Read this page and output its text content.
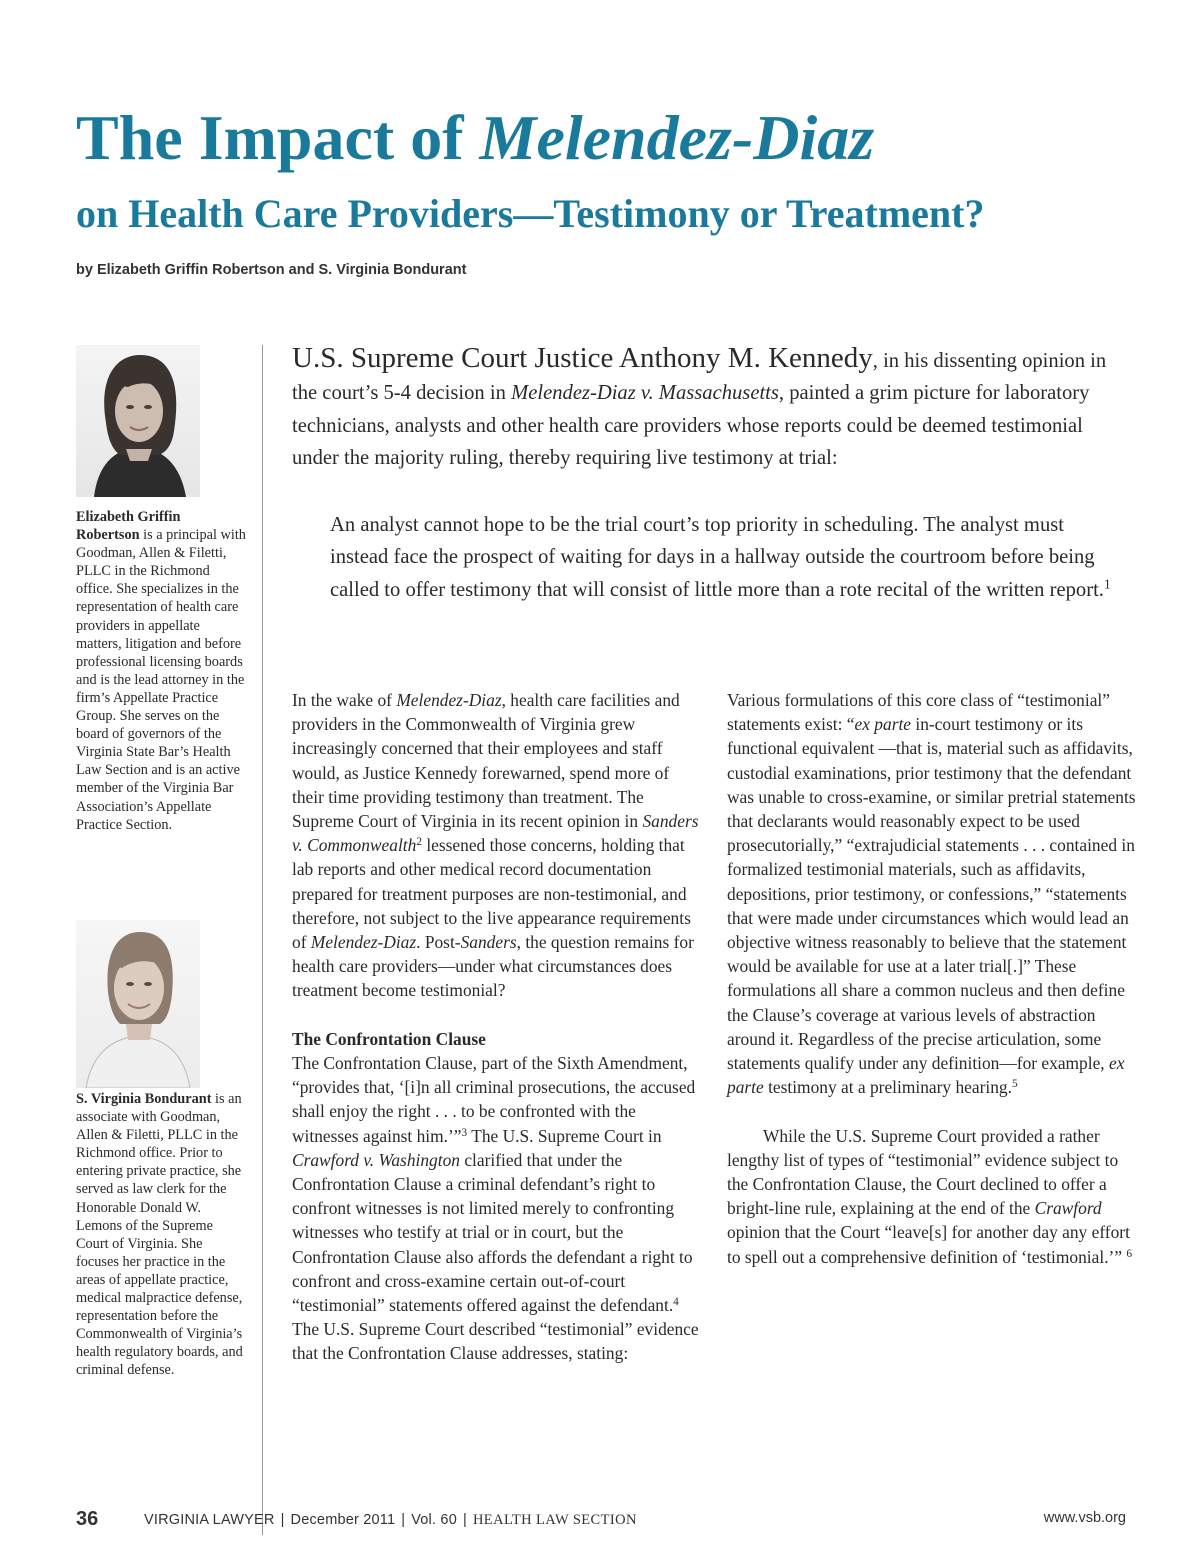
The Impact of Melendez-Diaz
on Health Care Providers—Testimony or Treatment?
by Elizabeth Griffin Robertson and S. Virginia Bondurant
Elizabeth Griffin Robertson is a principal with Goodman, Allen & Filetti, PLLC in the Richmond office. She specializes in the representation of health care providers in appellate matters, litigation and before professional licensing boards and is the lead attorney in the firm’s Appellate Practice Group. She serves on the board of governors of the Virginia State Bar’s Health Law Section and is an active member of the Virginia Bar Association’s Appellate Practice Section.
S. Virginia Bondurant is an associate with Goodman, Allen & Filetti, PLLC in the Richmond office. Prior to entering private practice, she served as law clerk for the Honorable Donald W. Lemons of the Supreme Court of Virginia. She focuses her practice in the areas of appellate practice, medical malpractice defense, representation before the Commonwealth of Virginia’s health regulatory boards, and criminal defense.
U.S. Supreme Court Justice Anthony M. Kennedy, in his dissenting opinion in the court’s 5-4 decision in Melendez-Diaz v. Massachusetts, painted a grim picture for laboratory technicians, analysts and other health care providers whose reports could be deemed testimonial under the majority ruling, thereby requiring live testimony at trial:
An analyst cannot hope to be the trial court’s top priority in scheduling. The analyst must instead face the prospect of waiting for days in a hallway outside the courtroom before being called to offer testimony that will consist of little more than a rote recital of the written report.$^1$

In the wake of Melendez-Diaz, health care facilities and providers in the Commonwealth of Virginia grew increasingly concerned that their employees and staff would, as Justice Kennedy forewarned, spend more of their time providing testimony than treatment. The Supreme Court of Virginia in its recent opinion in Sanders v. Commonwealth$^2$ lessened those concerns, holding that lab reports and other medical record documentation prepared for treatment purposes are non-testimonial, and therefore, not subject to the live appearance requirements of Melendez-Diaz. Post-Sanders, the question remains for health care providers—under what circumstances does treatment become testimonial?

The Confrontation Clause

The Confrontation Clause, part of the Sixth Amendment, “provides that, ‘[i]n all criminal prosecutions, the accused shall enjoy the right . . . to be confronted with the witnesses against him.’”$^3$ The U.S. Supreme Court in Crawford v. Washington clarified that under the Confrontation Clause a criminal defendant’s right to confront witnesses is not limited merely to confronting witnesses who testify at trial or in court, but the Confrontation Clause also affords the defendant a right to confront and cross-examine certain out-of-court “testimonial” statements offered against the defendant.$^4$ The U.S. Supreme Court described “testimonial” evidence that the Confrontation Clause addresses, stating:

Various formulations of this core class of “testimonial” statements exist: “ex parte in-court testimony or its functional equivalent —that is, material such as affidavits, custodial examinations, prior testimony that the defendant was unable to cross-examine, or similar pretrial statements that declarants would reasonably expect to be used prosecutorially,” “extrajudicial statements . . . contained in formalized testimonial materials, such as affidavits, depositions, prior testimony, or confessions,” “statements that were made under circumstances which would lead an objective witness reasonably to believe that the statement would be available for use at a later trial[.]” These formulations all share a common nucleus and then define the Clause’s coverage at various levels of abstraction around it. Regardless of the precise articulation, some statements qualify under any definition—for example, ex parte testimony at a preliminary hearing.$^5$

While the U.S. Supreme Court provided a rather lengthy list of types of “testimonial” evidence subject to the Confrontation Clause, the Court declined to offer a bright-line rule, explaining at the end of the Crawford opinion that the Court “leave[s] for another day any effort to spell out a comprehensive definition of ‘testimonial.’” $^6$

36	VIRGINIA LAWYER | December 2011 | Vol. 60 | HEALTH LAW SECTION	www.vsb.org
